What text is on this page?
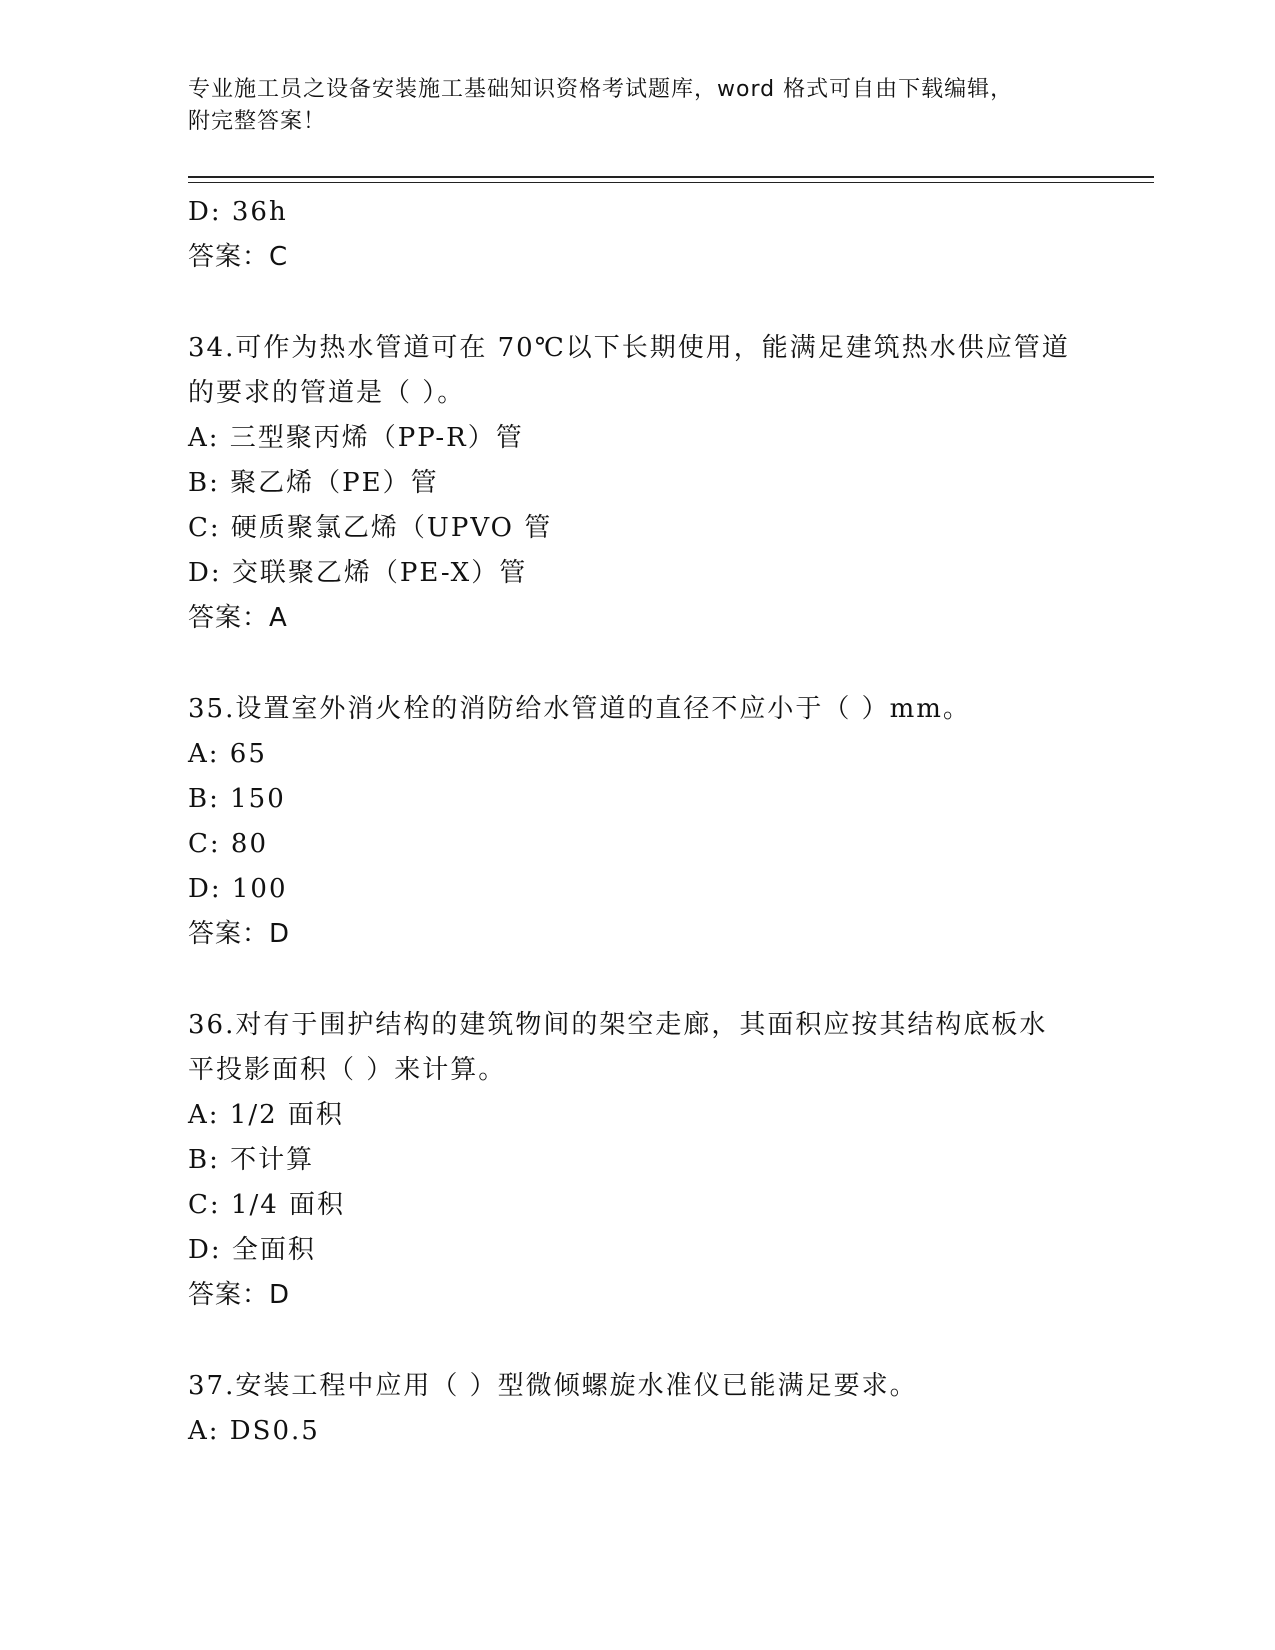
专业施工员之设备安装施工基础知识资格考试题库，word 格式可自由下载编辑，
附完整答案！
D: 36h
答案：C
34.可作为热水管道可在 70℃以下长期使用，能满足建筑热水供应管道
的要求的管道是（ ）。
A: 三型聚丙烯（PP-R）管
B: 聚乙烯（PE）管
C: 硬质聚氯乙烯（UPVO 管
D: 交联聚乙烯（PE-X）管
答案：A
35.设置室外消火栓的消防给水管道的直径不应小于（ ）mm。
A: 65
B: 150
C: 80
D: 100
答案：D
36.对有于围护结构的建筑物间的架空走廊，其面积应按其结构底板水
平投影面积（ ）来计算。
A: 1/2 面积
B: 不计算
C: 1/4 面积
D: 全面积
答案：D
37.安装工程中应用（ ）型微倾螺旋水准仪已能满足要求。
A: DS0.5
